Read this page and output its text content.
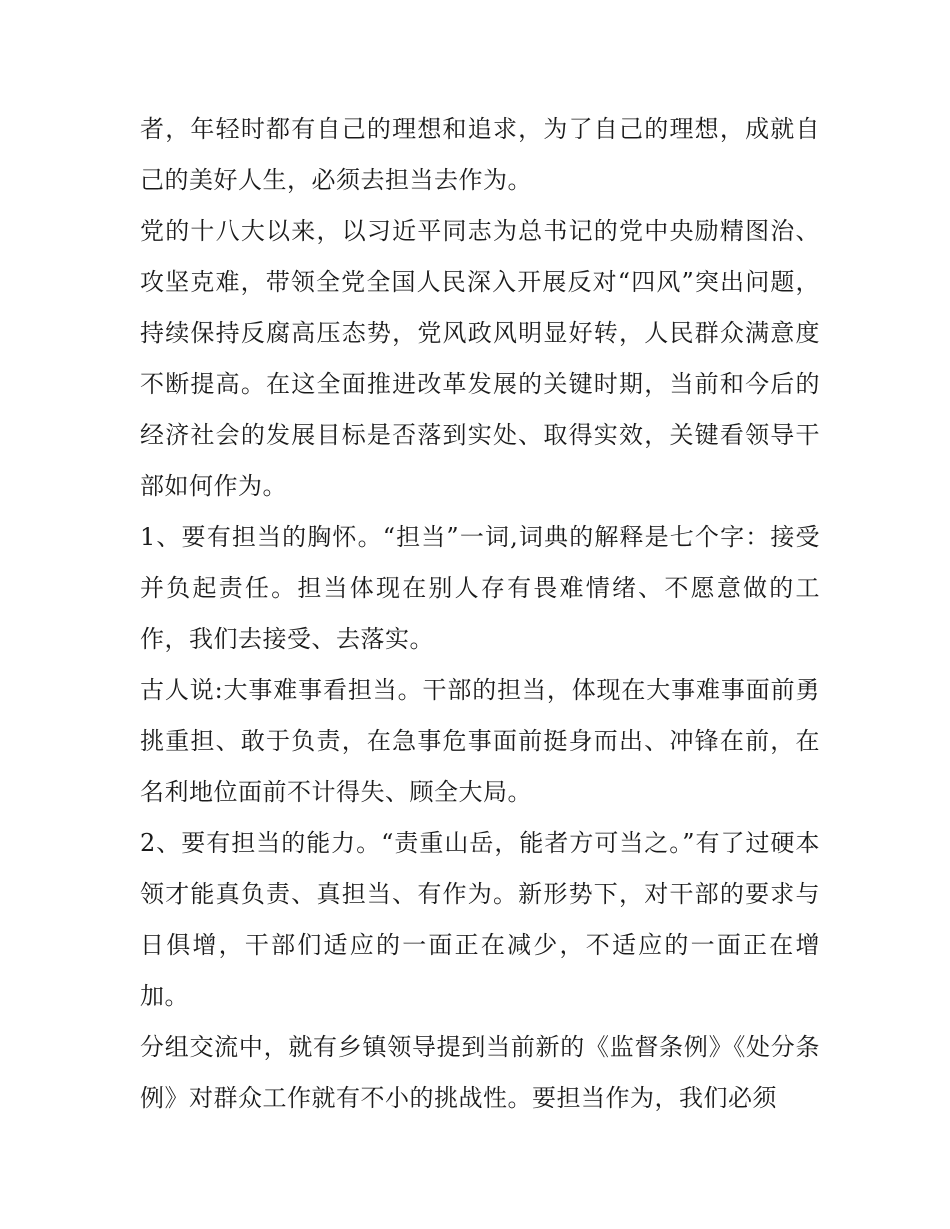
者，年轻时都有自己的理想和追求，为了自己的理想，成就自己的美好人生，必须去担当去作为。

党的十八大以来，以习近平同志为总书记的党中央励精图治、攻坚克难，带领全党全国人民深入开展反对“四风”突出问题，持续保持反腐高压态势，党风政风明显好转，人民群众满意度不断提高。在这全面推进改革发展的关键时期，当前和今后的经济社会的发展目标是否落到实处、取得实效，关键看领导干部如何作为。

1、要有担当的胸怀。“担当”一词,词典的解释是七个字：接受并负起责任。担当体现在别人存有畏难情绪、不愿意做的工作，我们去接受、去落实。

古人说:大事难事看担当。干部的担当，体现在大事难事面前勇挑重担、敢于负责，在急事危事面前挺身而出、冲锋在前，在名利地位面前不计得失、顾全大局。

2、要有担当的能力。“责重山岳，能者方可当之。”有了过硬本领才能真负责、真担当、有作为。新形势下，对干部的要求与日俱增，干部们适应的一面正在减少，不适应的一面正在增加。

分组交流中，就有乡镇领导提到当前新的《监督条例》《处分条例》对群众工作就有不小的挑战性。要担当作为，我们必须
